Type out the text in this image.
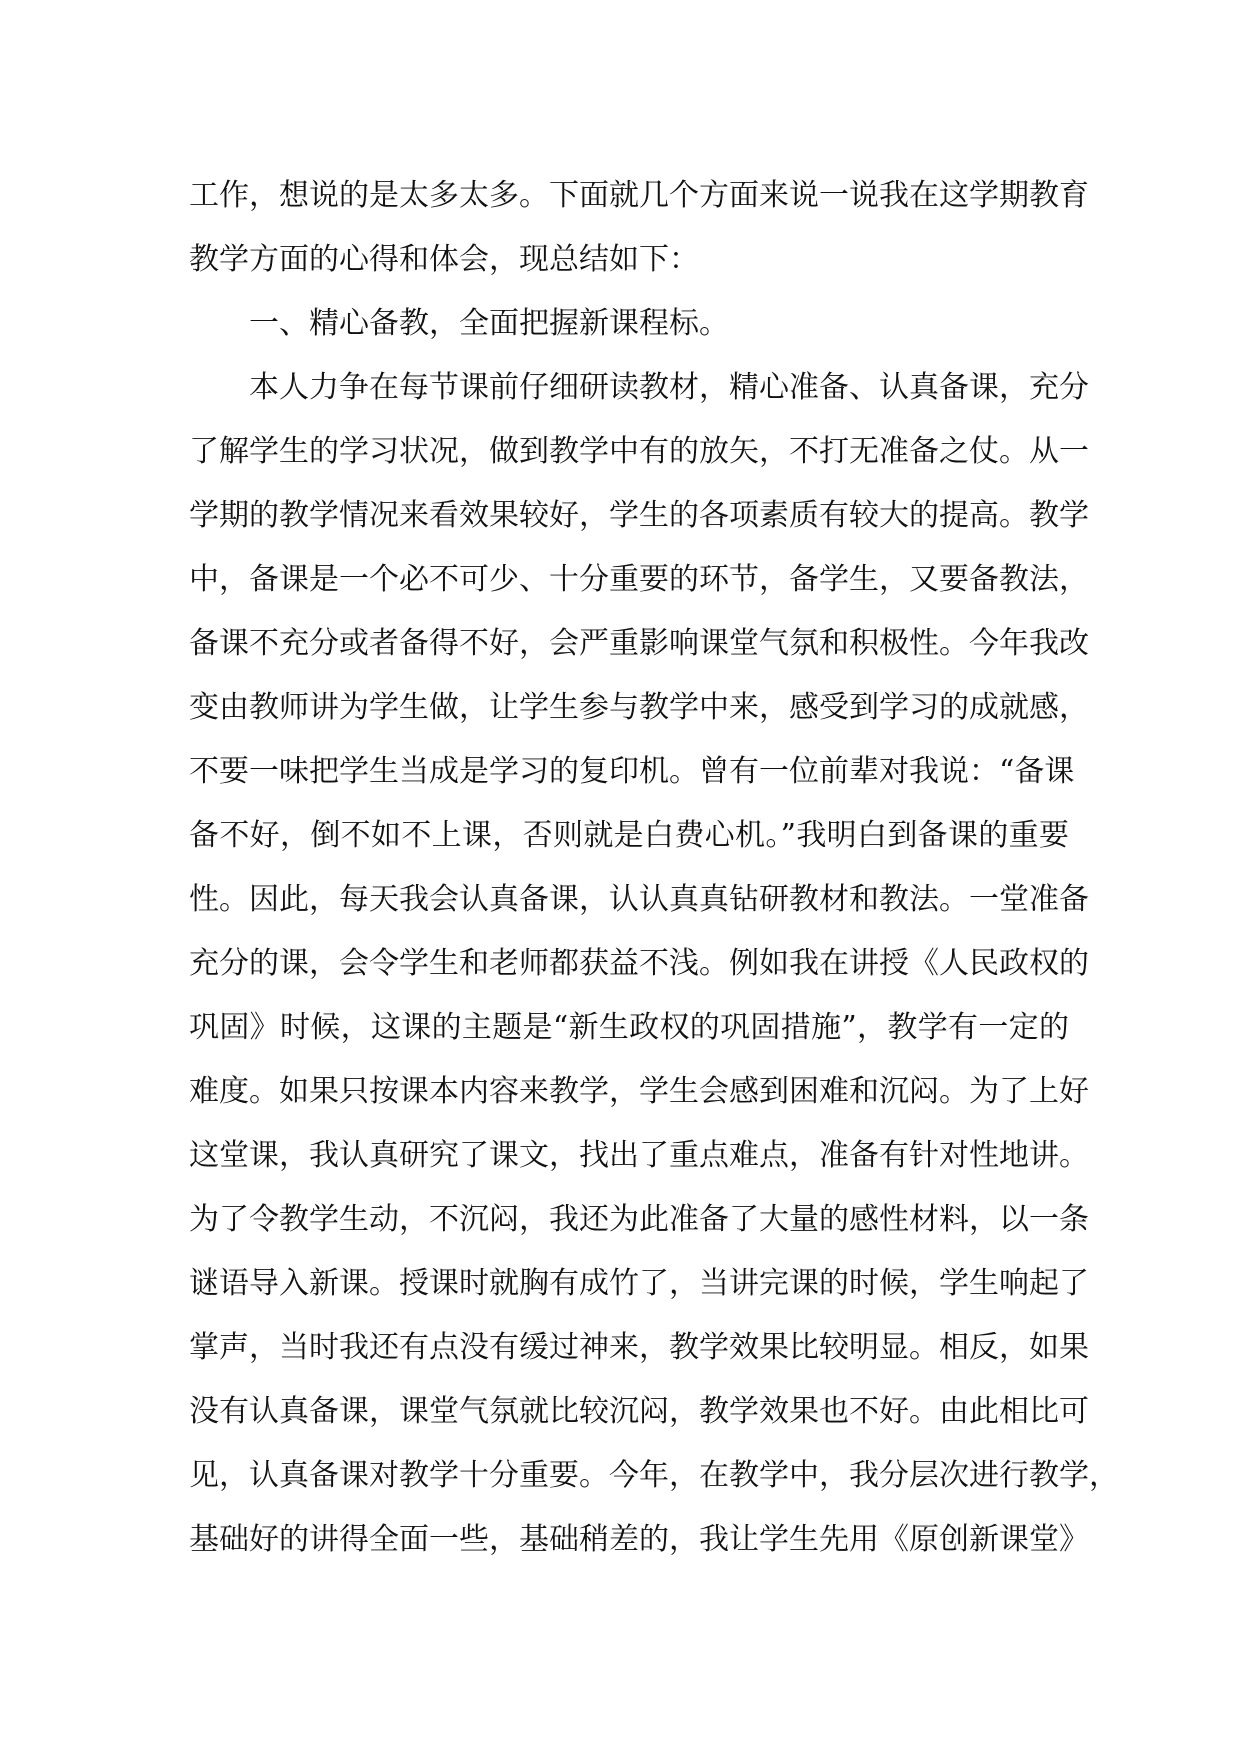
工作，想说的是太多太多。下面就几个方面来说一说我在这学期教育
教学方面的心得和体会，现总结如下：
一、精心备教，全面把握新课程标。
本人力争在每节课前仔细研读教材，精心准备、认真备课，充分
了解学生的学习状况，做到教学中有的放矢，不打无准备之仗。从一
学期的教学情况来看效果较好，学生的各项素质有较大的提高。教学
中，备课是一个必不可少、十分重要的环节，备学生，又要备教法，
备课不充分或者备得不好，会严重影响课堂气氛和积极性。今年我改
变由教师讲为学生做，让学生参与教学中来，感受到学习的成就感，
不要一味把学生当成是学习的复印机。曾有一位前辈对我说：“备课
备不好，倒不如不上课，否则就是白费心机。”我明白到备课的重要
性。因此，每天我会认真备课，认认真真钻研教材和教法。一堂准备
充分的课，会令学生和老师都获益不浅。例如我在讲授《人民政权的
巩固》时候，这课的主题是“新生政权的巩固措施”，教学有一定的
难度。如果只按课本内容来教学，学生会感到困难和沉闷。为了上好
这堂课，我认真研究了课文，找出了重点难点，准备有针对性地讲。
为了令教学生动，不沉闷，我还为此准备了大量的感性材料，以一条
谜语导入新课。授课时就胸有成竹了，当讲完课的时候，学生响起了
掌声，当时我还有点没有缓过神来，教学效果比较明显。相反，如果
没有认真备课，课堂气氛就比较沉闷，教学效果也不好。由此相比可
见，认真备课对教学十分重要。今年，在教学中，我分层次进行教学，
基础好的讲得全面一些，基础稍差的，我让学生先用《原创新课堂》
